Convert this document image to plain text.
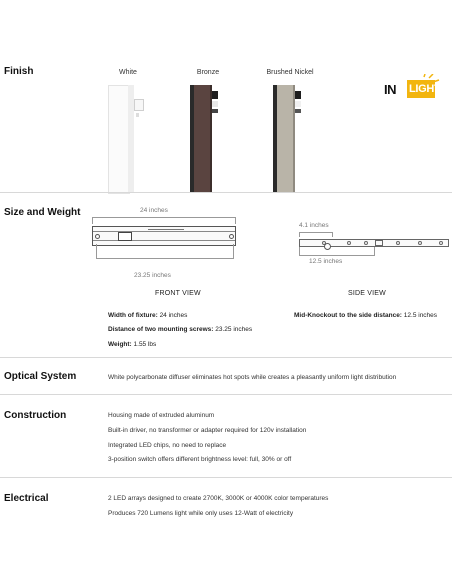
Finish	White	Bronze	Brushed Nickel
IN LIGHT
Size and Weight	24 inches
23.25 inches
FRONT VIEW
4.1 inches
12.5 inches
SIDE VIEW
Width of fixture: 24 inches
Distance of two mounting screws: 23.25 inches
Weight: 1.55 lbs
Mid-Knockout to the side distance: 12.5 inches
Optical System	White polycarbonate diffuser eliminates hot spots while creates a pleasantly uniform light distribution
Construction	Housing made of extruded aluminum
Built-in driver, no transformer or adapter required for 120v installation
Integrated LED chips, no need to replace
3-position switch offers different brightness level: full, 30% or off
Electrical	2 LED arrays designed to create 2700K, 3000K or 4000K color temperatures
Produces 720 Lumens light while only uses 12-Watt of electricity
